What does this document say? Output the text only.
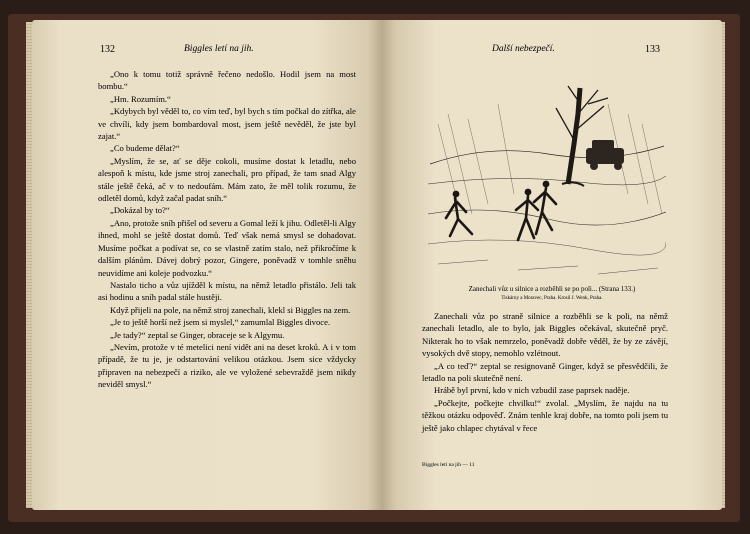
132	Biggles letí na jih.

„Ono k tomu totiž správně řečeno nedošlo. Hodil jsem na most bombu.“

„Hm. Rozumím.“

„Kdybych byl věděl to, co vím teď, byl bych s tím počkal do zítřka, ale ve chvíli, kdy jsem bombardoval most, jsem ještě nevěděl, že jste byl zajat.“

„Co budeme dělat?“

„Myslím, že se, ať se děje cokoli, musíme dostat k letadlu, nebo alespoň k místu, kde jsme stroj zanechali, pro případ, že tam snad Algy stále ještě čeká, ač v to nedoufám. Mám zato, že měl tolik rozumu, že odletěl domů, když začal padat sníh.“

„Dokázal by to?“

„Ano, protože sníh přišel od severu a Gomal leží k jihu. Odletěl-li Algy ihned, mohl se ještě dostat domů. Teď však nemá smysl se dohadovat. Musíme počkat a podívat se, co se vlastně zatím stalo, než přikročíme k dalším plánům. Dávej dobrý pozor, Gingere, poněvadž v tomhle sněhu neuvidíme ani koleje podvozku.“

Nastalo ticho a vůz ujížděl k místu, na němž letadlo přistálo. Jeli tak asi hodinu a sníh padal stále hustěji.

Když přijeli na pole, na němž stroj zanechali, klekl si Biggles na zem.

„Je to ještě horší než jsem si myslel,“ zamumlal Biggles divoce.

„Je tady?“ zeptal se Ginger, obraceje se k Algymu.

„Nevím, protože v té metelici není vidět ani na deset kroků. A i v tom případě, že tu je, je odstartování velikou otázkou. Jsem sice vždycky připraven na nebezpečí a riziko, ale ve vyložené sebevraždě jsem nikdy neviděl smysl.“

Další nebezpečí.	133
Zanechali vůz u silnice a rozběhli se po poli... (Strana 133.)
Tiskárny a Moravec, Praha. Krosil J. Wenk, Praha.

Zanechali vůz po straně silnice a rozběhli se k poli, na němž zanechali letadlo, ale to bylo, jak Biggles očekával, skutečně pryč. Nikterak ho to však nemrzelo, poněvadž dobře věděl, že by ze závějí, vysokých dvě stopy, nemohlo vzlétnout.

„A co teď?“ zeptal se resignovaně Ginger, když se přesvědčili, že letadlo na poli skutečně není.

Hrábě byl první, kdo v nich vzbudil zase paprsek naděje.

„Počkejte, počkejte chvilku!“ zvolal. „Myslím, že najdu na tu těžkou otázku odpověď. Znám tenhle kraj dobře, na tomto poli jsem tu ještě jako chlapec chytával v řece

Biggles letí na jih — 11
